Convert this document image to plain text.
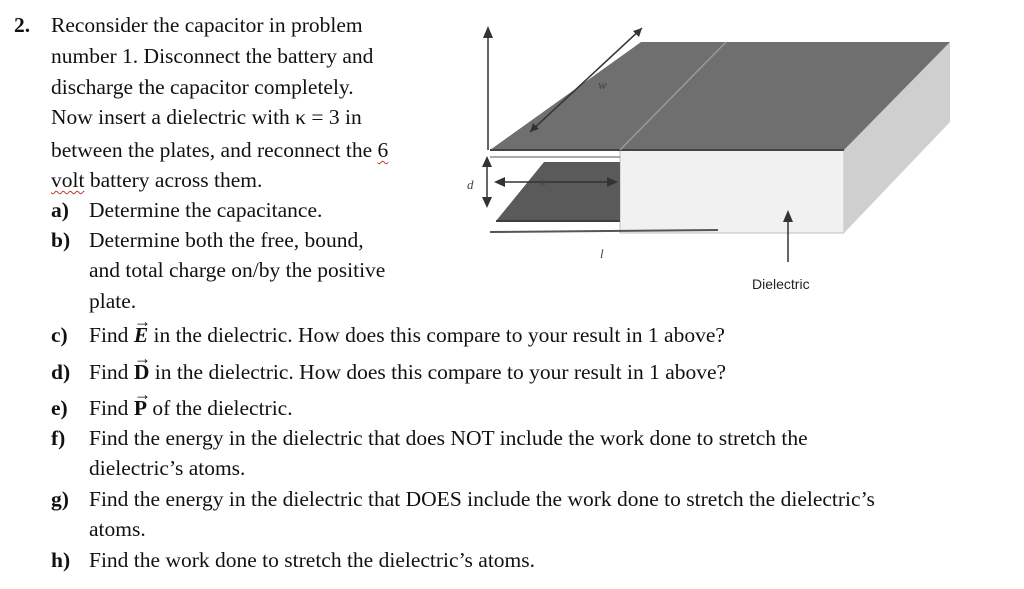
w
d	x
l
Dielectric
2. Reconsider the capacitor in problem
number 1. Disconnect the battery and
discharge the capacitor completely.
Now insert a dielectric with κ = 3 in
between the plates, and reconnect the 6
volt battery across them.
a) Determine the capacitance.
b) Determine both the free, bound,
and total charge on/by the positive
plate.
c) Find → E in the dielectric. How does this compare to your result in 1 above?
d) Find → D in the dielectric. How does this compare to your result in 1 above?
e) Find → P of the dielectric.
f) Find the energy in the dielectric that does NOT include the work done to stretch the
dielectric’s atoms.
g) Find the energy in the dielectric that DOES include the work done to stretch the dielectric’s
atoms.
h) Find the work done to stretch the dielectric’s atoms.
